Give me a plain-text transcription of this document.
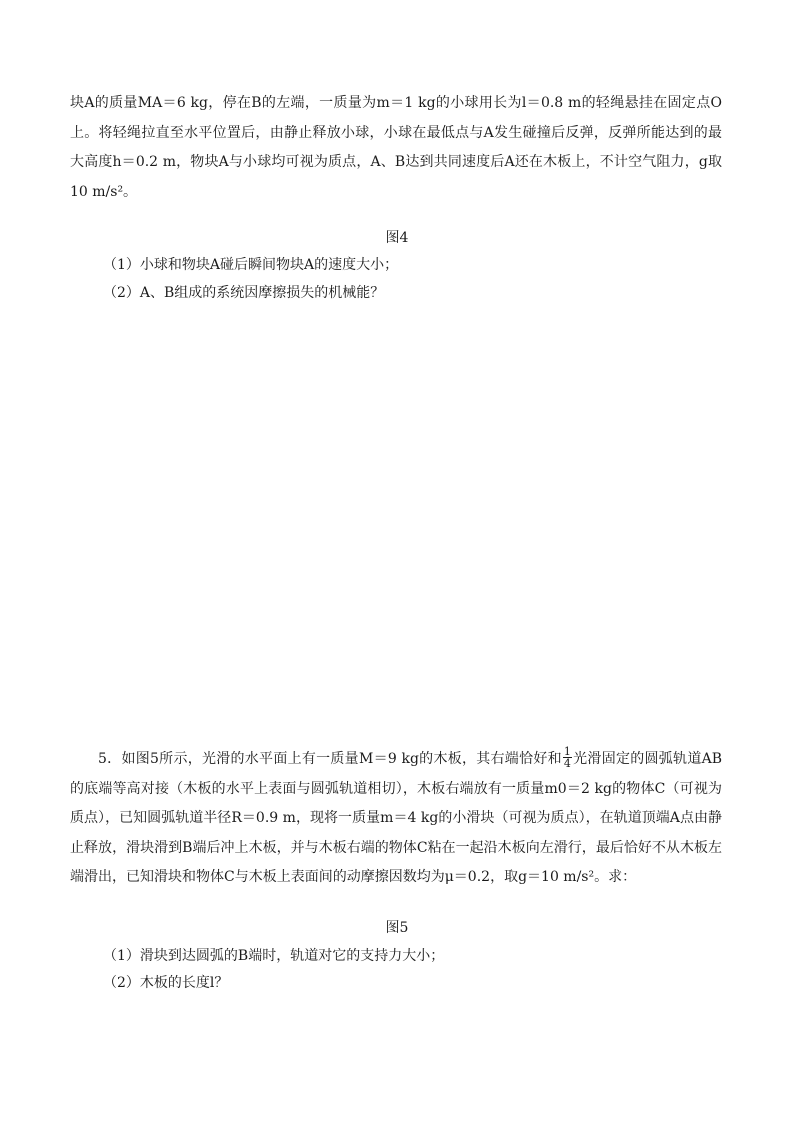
块A的质量MA＝6 kg，停在B的左端，一质量为m＝1 kg的小球用长为l＝0.8 m的轻绳悬挂在固定点O上。将轻绳拉直至水平位置后，由静止释放小球，小球在最低点与A发生碰撞后反弹，反弹所能达到的最大高度h＝0.2 m，物块A与小球均可视为质点，A、B达到共同速度后A还在木板上，不计空气阻力，g取10 m/s²。

图4

（1）小球和物块A碰后瞬间物块A的速度大小；

（2）A、B组成的系统因摩擦损失的机械能？

5．如图5所示，光滑的水平面上有一质量M＝9 kg的木板，其右端恰好和 $\frac{1}{4}$ 光滑固定的圆弧轨道AB的底端等高对接（木板的水平上表面与圆弧轨道相切），木板右端放有一质量m0＝2 kg的物体C（可视为质点），已知圆弧轨道半径R＝0.9 m，现将一质量m＝4 kg的小滑块（可视为质点），在轨道顶端A点由静止释放，滑块滑到B端后冲上木板，并与木板右端的物体C粘在一起沿木板向左滑行，最后恰好不从木板左端滑出，已知滑块和物体C与木板上表面间的动摩擦因数均为μ＝0.2，取g＝10 m/s²。求：

图5

（1）滑块到达圆弧的B端时，轨道对它的支持力大小；

（2）木板的长度l？
